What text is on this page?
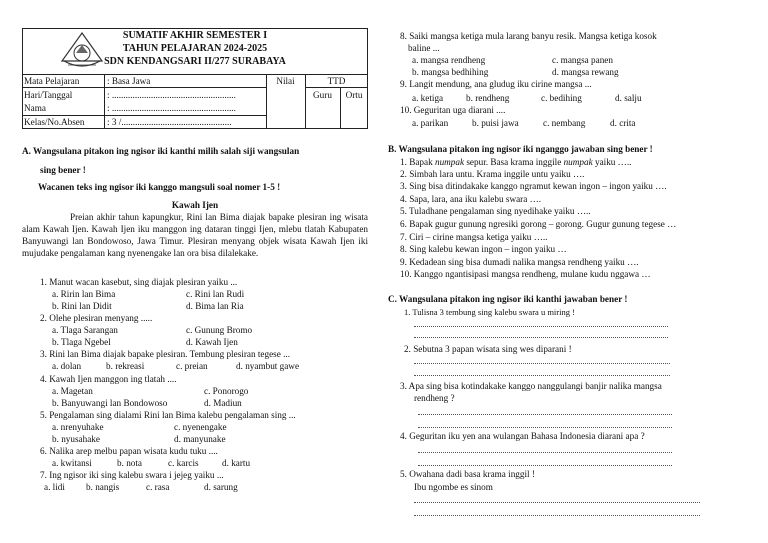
SUMATIF AKHIR SEMESTER I
TAHUN PELAJARAN 2024-2025
SDN KENDANGSARI II/277 SURABAYA
Mata Pelajaran	: Basa Jawa
Hari/Tanggal	: ......................................................
Nama	: ......................................................
Kelas/No.Absen : 3 /................................................
Nilai	TTD
Guru	Ortu
A. Wangsulana pitakon ing ngisor iki kanthi milih salah siji wangsulan
sing bener !
Wacanen teks ing ngisor iki kanggo mangsuli soal nomer 1-5 !
Kawah Ijen
Preian akhir tahun kapungkur, Rini lan Bima diajak bapake plesiran ing wisata alam Kawah Ijen. Kawah Ijen iku manggon ing dataran tinggi Ijen, mlebu tlatah Kabupaten Banyuwangi lan Bondowoso, Jawa Timur. Plesiran menyang objek wisata Kawah Ijen iki mujudake pengalaman kang nyenengake lan ora bisa dilalekake.
1. Manut wacan kasebut, sing diajak plesiran yaiku ...
a. Ririn lan Bima	c. Rini lan Rudi
b. Rini lan Didit	d. Bima lan Ria
2. Olehe plesiran menyang .....
a. Tlaga Sarangan	c. Gunung Bromo
b. Tlaga Ngebel	d. Kawah Ijen
3. Rini lan Bima diajak bapake plesiran. Tembung plesiran tegese ...
a. dolan	b. rekreasi	c. preian	d. nyambut gawe
4. Kawah Ijen manggon ing tlatah ....
a. Magetan	c. Ponorogo
b. Banyuwangi lan Bondowoso	d. Madiun
5. Pengalaman sing dialami Rini lan Bima kalebu pengalaman sing ...
a. nrenyuhake	c. nyenengake
b. nyusahake	d. manyunake
6. Nalika arep melbu papan wisata kudu tuku ....
a. kwitansi	b. nota	c. karcis	d. kartu
7. Ing ngisor iki sing kalebu swara i jejeg yaiku ...
a. lidi b. nangis	c. rasa	d. sarung
8. Saiki mangsa ketiga mula larang banyu resik. Mangsa ketiga kosok
baline ...
a. mangsa rendheng	c. mangsa panen
b. mangsa bedhihing	d. mangsa rewang
9. Langit mendung, ana gludug iku cirine mangsa ...
a. ketiga b. rendheng	c. bedihing	d. salju
10. Geguritan uga diarani ....
a. parikan	b. puisi jawa	c. nembang	d. crita
B. Wangsulana pitakon ing ngisor iki nganggo jawaban sing bener !
1. Bapak numpak sepur. Basa krama inggile numpak yaiku …..
2. Simbah lara untu. Krama inggile untu yaiku ….
3. Sing bisa ditindakake kanggo ngramut kewan ingon – ingon yaiku ….
4. Sapa, lara, ana iku kalebu swara ….
5. Tuladhane pengalaman sing nyedihake yaiku …..
6. Bapak gugur gunung ngresiki gorong – gorong. Gugur gunung tegese …
7. Ciri – cirine mangsa ketiga yaiku …..
8. Sing kalebu kewan ingon – ingon yaiku …
9. Kedadean sing bisa dumadi nalika mangsa rendheng yaiku ….
10. Kanggo ngantisipasi mangsa rendheng, mulane kudu nggawa …
C. Wangsulana pitakon ing ngisor iki kanthi jawaban bener !
1. Tulisna 3 tembung sing kalebu swara u miring !
2. Sebutna 3 papan wisata sing wes diparani !
3. Apa sing bisa kotindakake kanggo nanggulangi banjir nalika mangsa
rendheng ?
4. Geguritan iku yen ana wulangan Bahasa Indonesia diarani apa ?
5. Owahana dadi basa krama inggil !
Ibu ngombe es sinom
